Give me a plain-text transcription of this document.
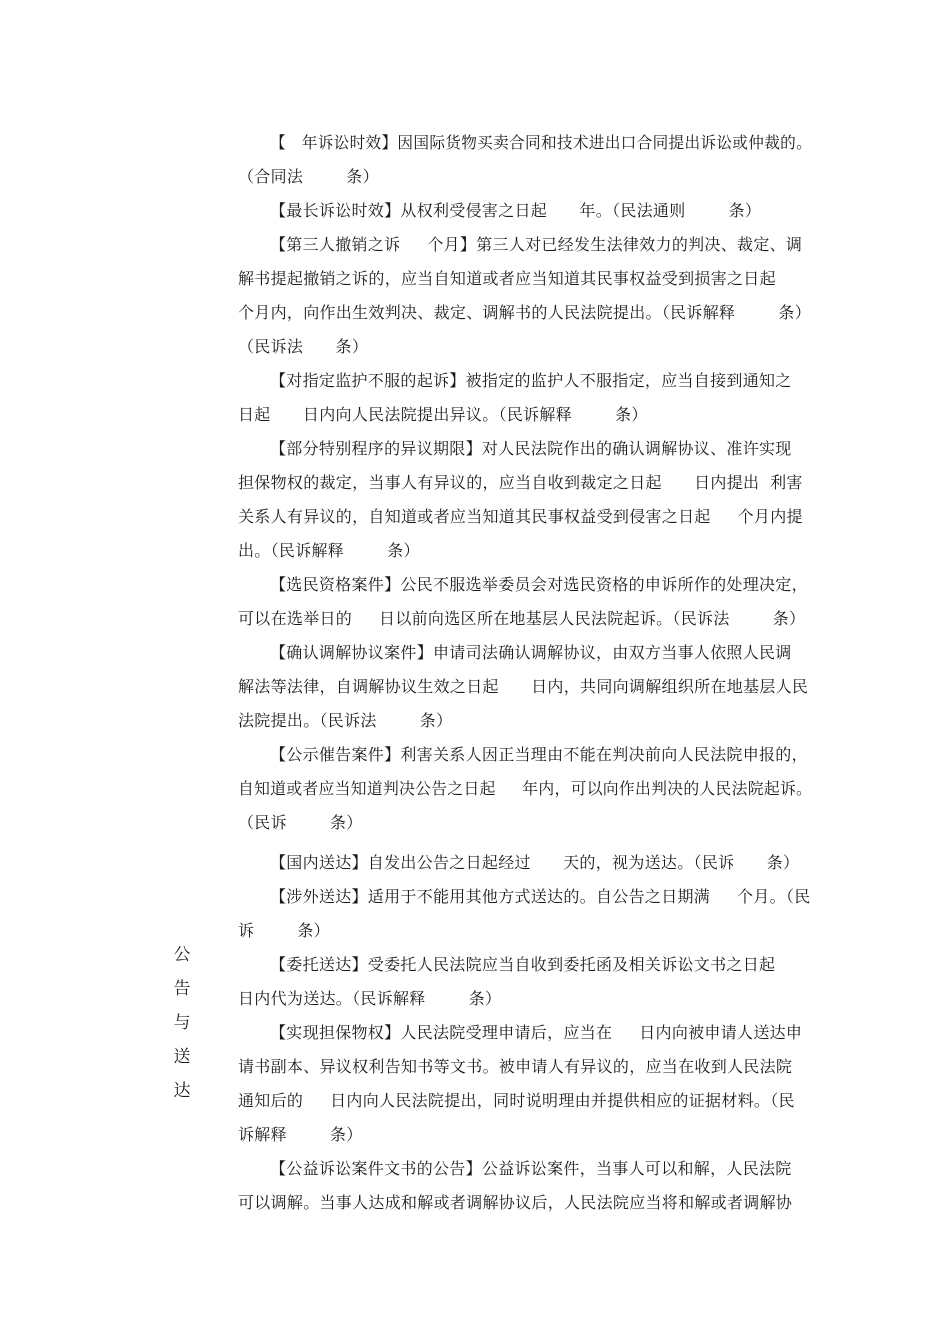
公
告
与
送
达
【   年诉讼时效】因国际货物买卖合同和技术进出口合同提出诉讼或仲裁的。
（合同法        条）
【最长诉讼时效】从权利受侵害之日起      年。（民法通则        条）
【第三人撤销之诉     个月】第三人对已经发生法律效力的判决、裁定、调
解书提起撤销之诉的，应当自知道或者应当知道其民事权益受到损害之日起
个月内，向作出生效判决、裁定、调解书的人民法院提出。（民诉解释        条）
（民诉法      条）
【对指定监护不服的起诉】被指定的监护人不服指定，应当自接到通知之
日起      日内向人民法院提出异议。（民诉解释        条）
【部分特别程序的异议期限】对人民法院作出的确认调解协议、准许实现
担保物权的裁定，当事人有异议的，应当自收到裁定之日起      日内提出  利害
关系人有异议的，自知道或者应当知道其民事权益受到侵害之日起     个月内提
出。（民诉解释        条）
【选民资格案件】公民不服选举委员会对选民资格的申诉所作的处理决定，
可以在选举日的     日以前向选区所在地基层人民法院起诉。（民诉法        条）
【确认调解协议案件】申请司法确认调解协议，由双方当事人依照人民调
解法等法律，自调解协议生效之日起      日内，共同向调解组织所在地基层人民
法院提出。（民诉法        条）
【公示催告案件】利害关系人因正当理由不能在判决前向人民法院申报的，
自知道或者应当知道判决公告之日起     年内，可以向作出判决的人民法院起诉。
（民诉        条）
【国内送达】自发出公告之日起经过      天的，视为送达。（民诉      条）
【涉外送达】适用于不能用其他方式送达的。自公告之日期满     个月。（民
诉        条）
【委托送达】受委托人民法院应当自收到委托函及相关诉讼文书之日起
日内代为送达。（民诉解释        条）
【实现担保物权】人民法院受理申请后，应当在     日内向被申请人送达申
请书副本、异议权利告知书等文书。被申请人有异议的，应当在收到人民法院
通知后的     日内向人民法院提出，同时说明理由并提供相应的证据材料。（民
诉解释        条）
【公益诉讼案件文书的公告】公益诉讼案件，当事人可以和解，人民法院
可以调解。当事人达成和解或者调解协议后，人民法院应当将和解或者调解协
